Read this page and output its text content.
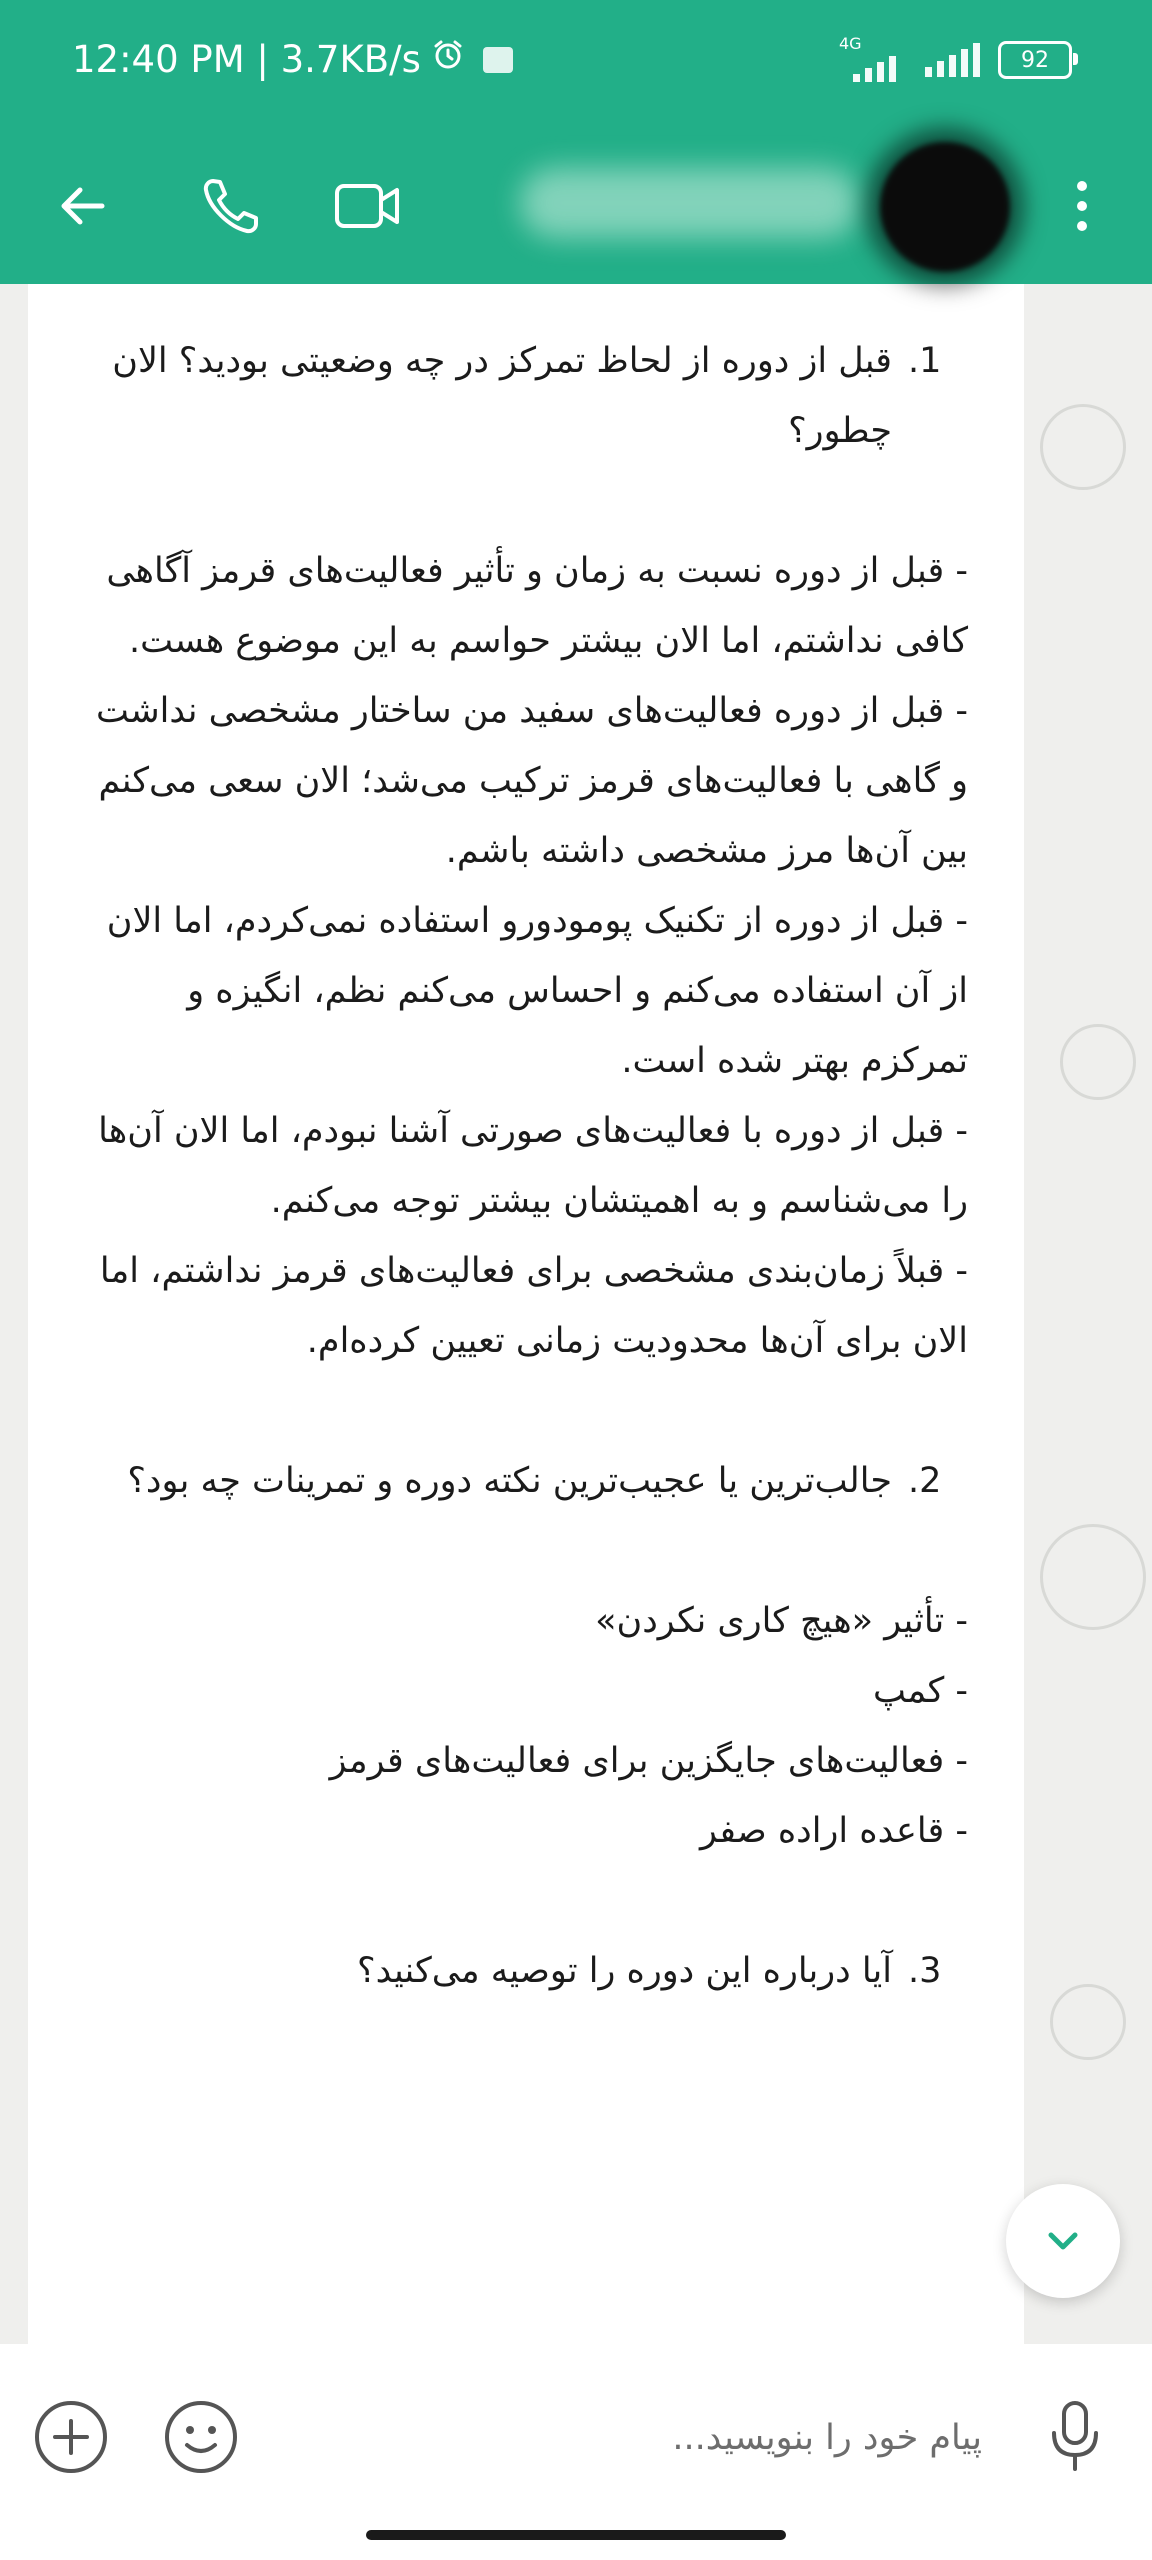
12:40 PM | 3.7KB/s	4G
92
.1
قبل از دوره از لحاظ تمرکز در چه وضعیتی بودید؟ الان چطور؟
- قبل از دوره نسبت به زمان و تأثیر فعالیت‌های قرمز آگاهی کافی نداشتم، اما الان بیشتر حواسم به این موضوع هست.
- قبل از دوره فعالیت‌های سفید من ساختار مشخصی نداشت و گاهی با فعالیت‌های قرمز ترکیب می‌شد؛ الان سعی می‌کنم بین آن‌ها مرز مشخصی داشته باشم.
- قبل از دوره از تکنیک پومودورو استفاده نمی‌کردم، اما الان از آن استفاده می‌کنم و احساس می‌کنم نظم، انگیزه و تمرکزم بهتر شده است.
- قبل از دوره با فعالیت‌های صورتی آشنا نبودم، اما الان آن‌ها را می‌شناسم و به اهمیتشان بیشتر توجه می‌کنم.
- قبلاً زمان‌بندی مشخصی برای فعالیت‌های قرمز نداشتم، اما الان برای آن‌ها محدودیت زمانی تعیین کرده‌ام.
.2
جالب‌ترین یا عجیب‌ترین نکته دوره و تمرینات چه بود؟
- تأثیر «هیچ کاری نکردن»
- کمپ
- فعالیت‌های جایگزین برای فعالیت‌های قرمز
- قاعده اراده صفر
.3
آیا درباره این دوره را توصیه می‌کنید؟
پیام خود را بنویسید...
